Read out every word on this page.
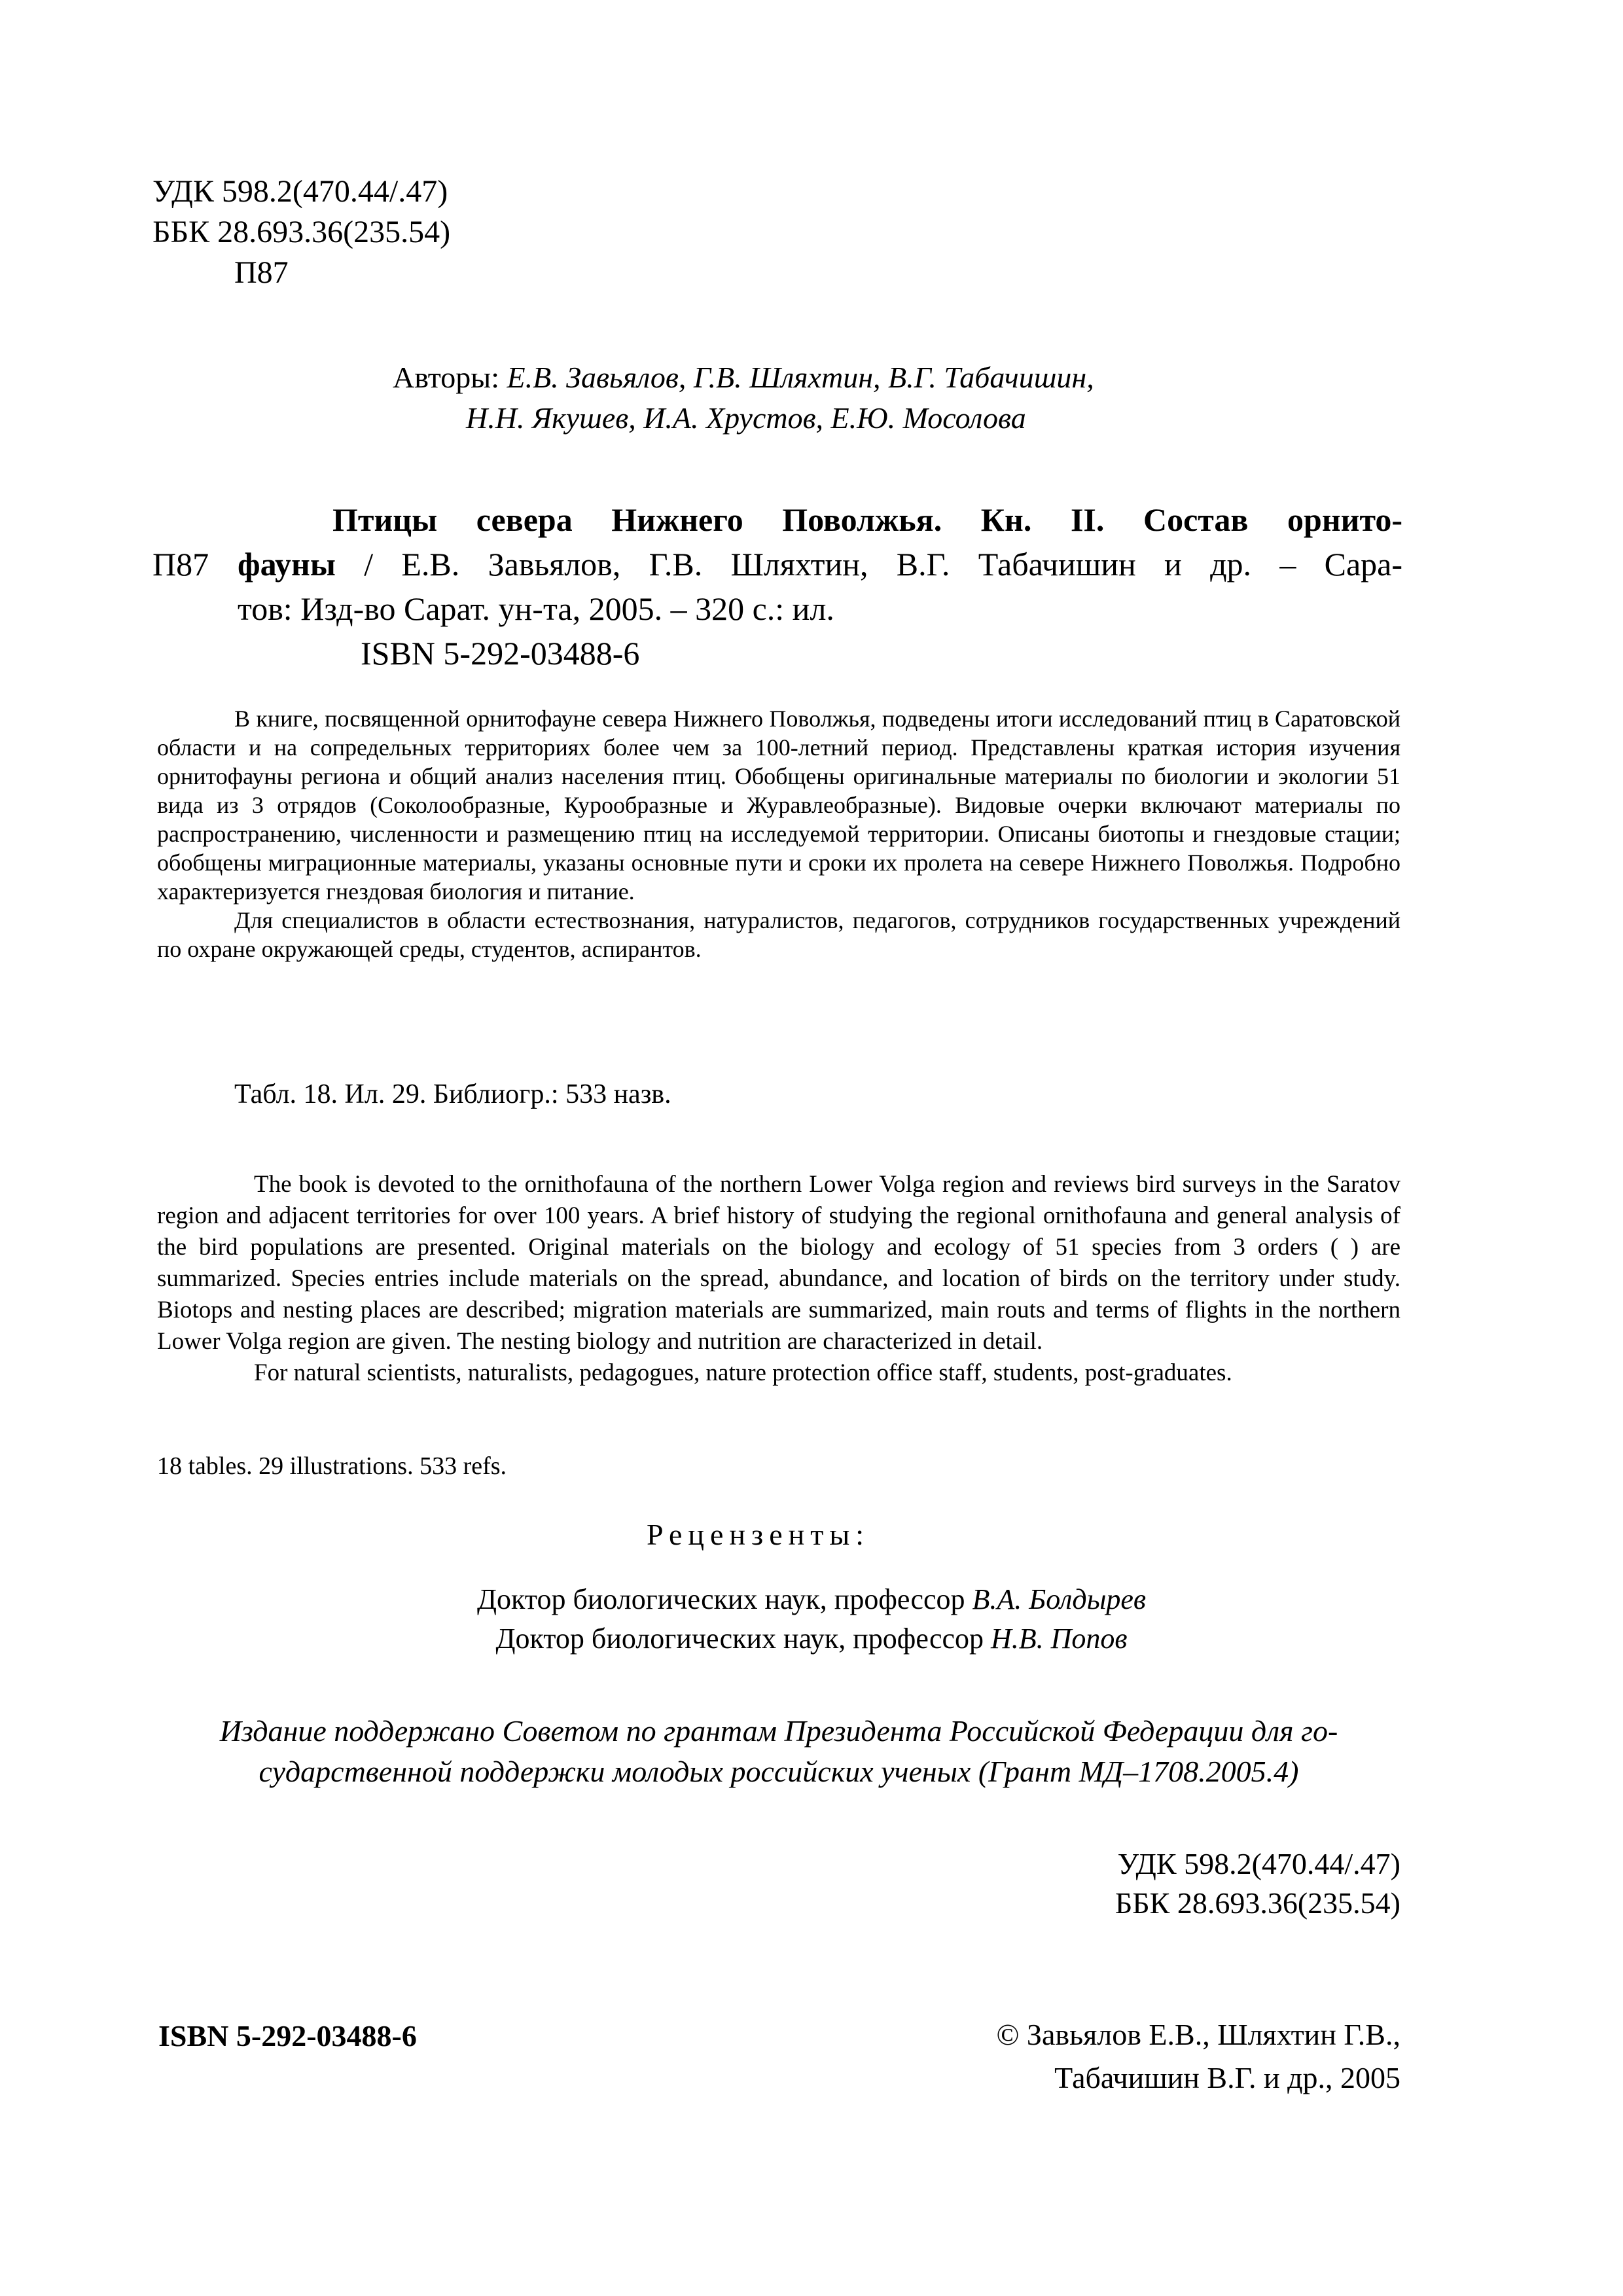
УДК 598.2(470.44/.47)
ББК 28.693.36(235.54)
П87
Авторы: Е.В. Завьялов, Г.В. Шляхтин, В.Г. Табачишин,
Н.Н. Якушев, И.А. Хрустов, Е.Ю. Мосолова
Птицы севера Нижнего Поволжья. Кн. II. Состав орнито-
П87 фауны / Е.В. Завьялов, Г.В. Шляхтин, В.Г. Табачишин и др. – Сара-
тов: Изд-во Сарат. ун-та, 2005. – 320 с.: ил.
ISBN 5-292-03488-6

В книге, посвященной орнитофауне севера Нижнего Поволжья, подведены итоги исследований птиц в Саратовской области и на сопредельных территориях более чем за 100-летний период. Представлены краткая история изучения орнитофауны региона и общий анализ населения птиц. Обобщены оригинальные материалы по биологии и экологии 51 вида из 3 отрядов (Соколообразные, Курообразные и Журавлеобразные). Видовые очерки включают материалы по распространению, численности и размещению птиц на исследуемой территории. Описаны биотопы и гнездовые стации; обобщены миграционные материалы, указаны основные пути и сроки их пролета на севере Нижнего Поволжья. Подробно характеризуется гнездовая биология и питание.

Для специалистов в области естествознания, натуралистов, педагогов, сотрудников государственных учреждений по охране окружающей среды, студентов, аспирантов.

Табл. 18. Ил. 29. Библиогр.: 533 назв.

The book is devoted to the ornithofauna of the northern Lower Volga region and reviews bird surveys in the Saratov region and adjacent territories for over 100 years. A brief history of studying the regional ornithofauna and general analysis of the bird populations are presented. Original materials on the biology and ecology of 51 species from 3 orders ( ) are summarized. Species entries include materials on the spread, abundance, and location of birds on the territory under study. Biotops and nesting places are described; migration materials are summarized, main routs and terms of flights in the northern Lower Volga region are given. The nesting biology and nutrition are characterized in detail.

For natural scientists, naturalists, pedagogues, nature protection office staff, students, post-graduates.

18 tables. 29 illustrations. 533 refs.
Рецензенты:
Доктор биологических наук, профессор В.А. Болдырев
Доктор биологических наук, профессор Н.В. Попов
Издание поддержано Советом по грантам Президента Российской Федерации для го-
сударственной поддержки молодых российских ученых (Грант МД–1708.2005.4)
УДК 598.2(470.44/.47)
ББК 28.693.36(235.54)
ISBN 5-292-03488-6	© Завьялов Е.В., Шляхтин Г.В.,
Табачишин В.Г. и др., 2005
